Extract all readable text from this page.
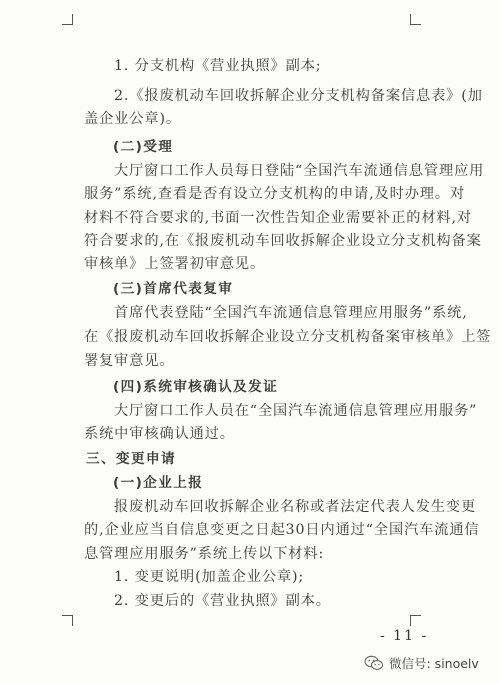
1. 分支机构《营业执照》副本;
2.《报废机动车回收拆解企业分支机构备案信息表》(加
盖企业公章)。
(二)受理
大厅窗口工作人员每日登陆“全国汽车流通信息管理应用
服务”系统,查看是否有设立分支机构的申请,及时办理。对
材料不符合要求的,书面一次性告知企业需要补正的材料,对
符合要求的,在《报废机动车回收拆解企业设立分支机构备案
审核单》上签署初审意见。
(三)首席代表复审
首席代表登陆“全国汽车流通信息管理应用服务”系统,
在《报废机动车回收拆解企业设立分支机构备案审核单》上签
署复审意见。
(四)系统审核确认及发证
大厅窗口工作人员在“全国汽车流通信息管理应用服务”
系统中审核确认通过。
三、变更申请
(一)企业上报
报废机动车回收拆解企业名称或者法定代表人发生变更
的,企业应当自信息变更之日起30日内通过“全国汽车流通信
息管理应用服务”系统上传以下材料:
1. 变更说明(加盖企业公章);
2. 变更后的《营业执照》副本。
- 11 -
微信号: sinoelv
